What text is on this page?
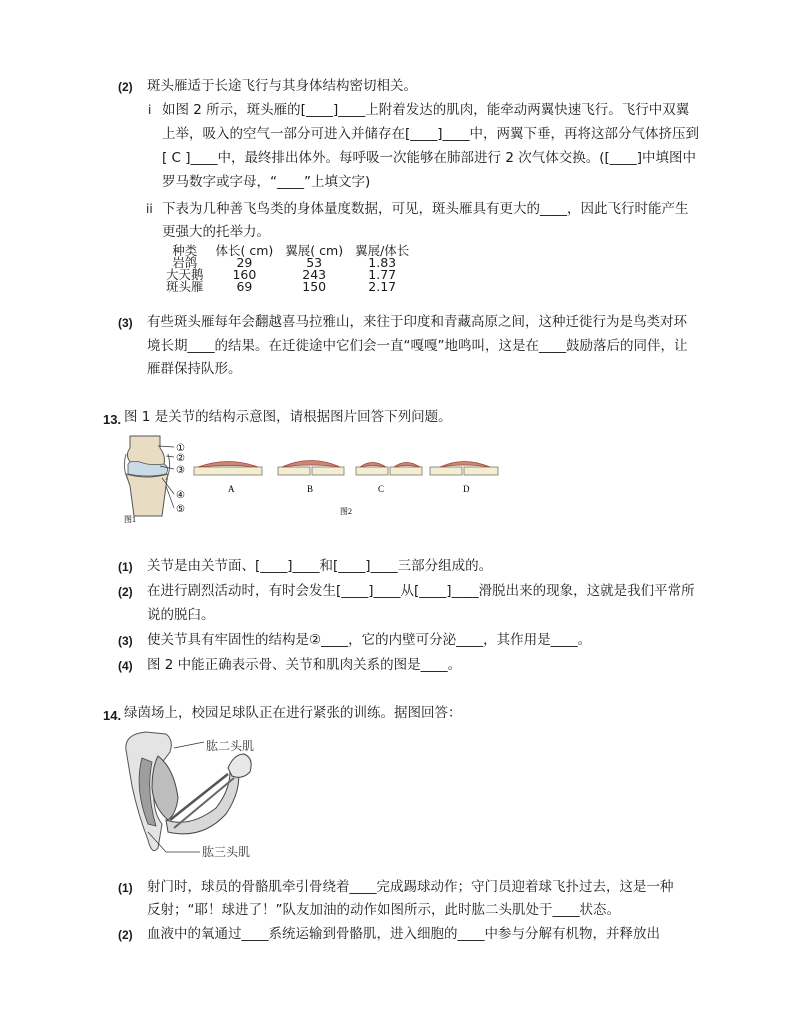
(2) 斑头雁适于长途飞行与其身体结构密切相关。
i 如图 2 所示，斑头雁的[____]____上附着发达的肌肉，能牵动两翼快速飞行。飞行中双翼
上举，吸入的空气一部分可进入并储存在[____]____中，两翼下垂，再将这部分气体挤压到
[ C ]____中，最终排出体外。每呼吸一次能够在肺部进行 2 次气体交换。([____]中填图中
罗马数字或字母，“____”上填文字)
ii 下表为几种善飞鸟类的身体量度数据，可见，斑头雁具有更大的____，因此飞行时能产生
更强大的托举力。
种类	体长( cm)	翼展( cm)	翼展/体长
岩鸽	29	53	1.83
大天鹅	160	243	1.77
斑头雁	69	150	2.17
(3) 有些斑头雁每年会翻越喜马拉雅山，来往于印度和青藏高原之间，这种迁徙行为是鸟类对环
境长期____的结果。在迁徙途中它们会一直“嘎嘎”地鸣叫，这是在____鼓励落后的同伴，让
雁群保持队形。
13. 图 1 是关节的结构示意图，请根据图片回答下列问题。
①
②
③
④
⑤
图1
A	B	C	D
图2
(1) 关节是由关节面、[____]____和[____]____三部分组成的。
(2) 在进行剧烈活动时，有时会发生[____]____从[____]____滑脱出来的现象，这就是我们平常所
说的脱臼。
(3) 使关节具有牢固性的结构是②____，它的内壁可分泌____，其作用是____。
(4) 图 2 中能正确表示骨、关节和肌肉关系的图是____。
14. 绿茵场上，校园足球队正在进行紧张的训练。据图回答：
肱二头肌
肱三头肌
(1) 射门时，球员的骨骼肌牵引骨绕着____完成踢球动作；守门员迎着球飞扑过去，这是一种
反射；“耶！球进了！”队友加油的动作如图所示，此时肱二头肌处于____状态。
(2) 血液中的氧通过____系统运输到骨骼肌，进入细胞的____中参与分解有机物，并释放出
